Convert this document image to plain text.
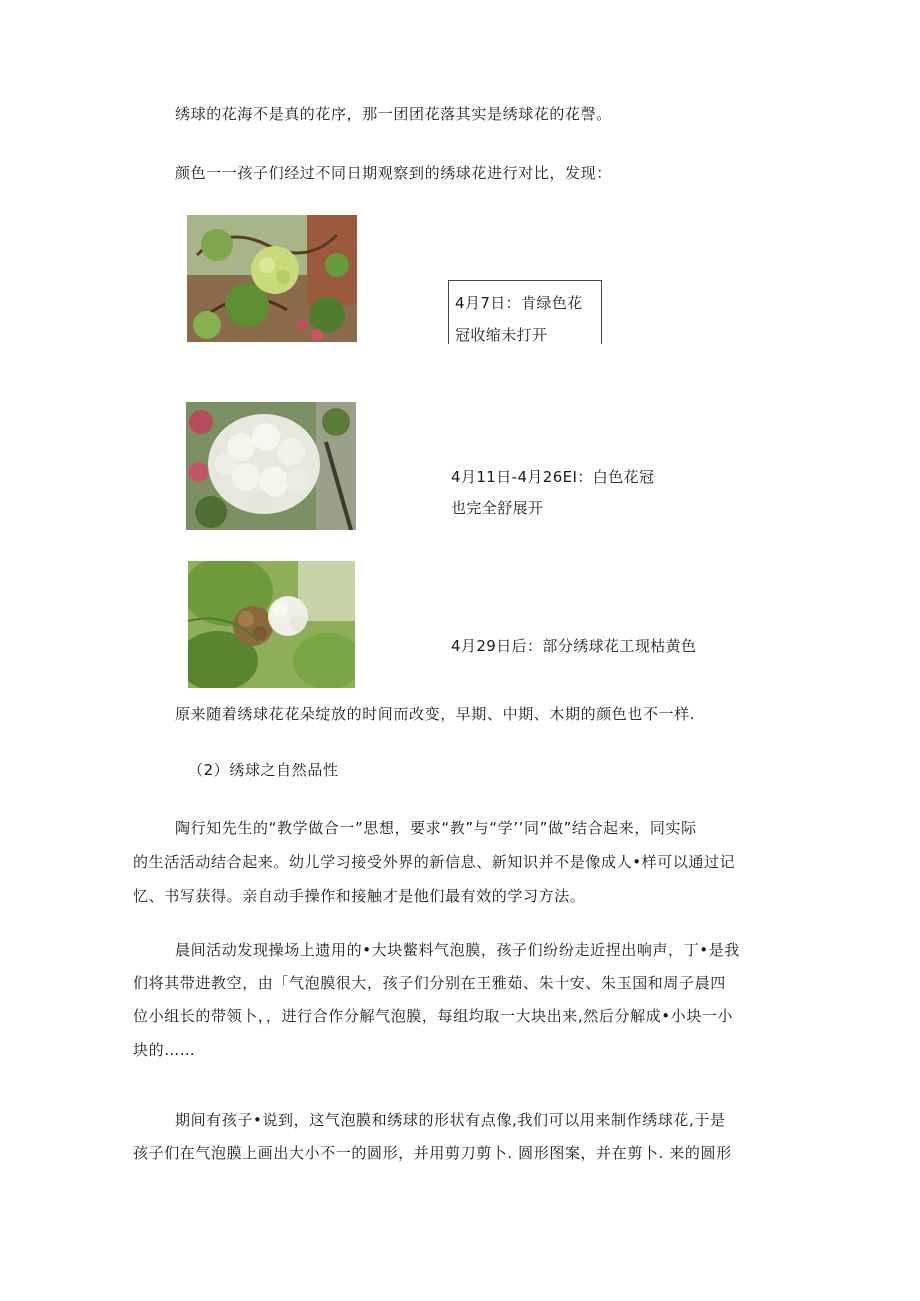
绣球的花海不是真的花序，那一团团花落其实是绣球花的花謦。
颜色一一孩子们经过不同日期观察到的绣球花进行对比，发现：
4月7日：肯绿色花
冠收缩未打开
4月11日-4月26EI：白色花冠
也完全舒展开
4月29日后：部分绣球花工现枯黄色
原来随着绣球花花朵绽放的时间而改变，早期、中期、木期的颜色也不一样.
（2）绣球之自然品性
陶行知先生的“教学做合一”思想，要求“教”与“学’’同”做”结合起来，同实际
的生活活动结合起来。幼儿学习接受外界的新信息、新知识并不是像成人•样可以通过记
忆、书写获得。亲自动手操作和接触才是他们最有效的学习方法。
晨间活动发现操场上遗用的•大块鳖料气泡膜，孩子们纷纷走近捏出响声，丁•是我
们将其带进教空，由「气泡膜很大，孩子们分别在王雅茹、朱十安、朱玉国和周子晨四
位小组长的带领卜，，进行合作分解气泡膜，每组均取一大块出来,然后分解成•小块一小
块的……
期间有孩子•说到，这气泡膜和绣球的形状有点像,我们可以用来制作绣球花,于是
孩子们在气泡膜上画出大小不一的圆形，并用剪刀剪卜. 圆形图案，并在剪卜. 来的圆形
